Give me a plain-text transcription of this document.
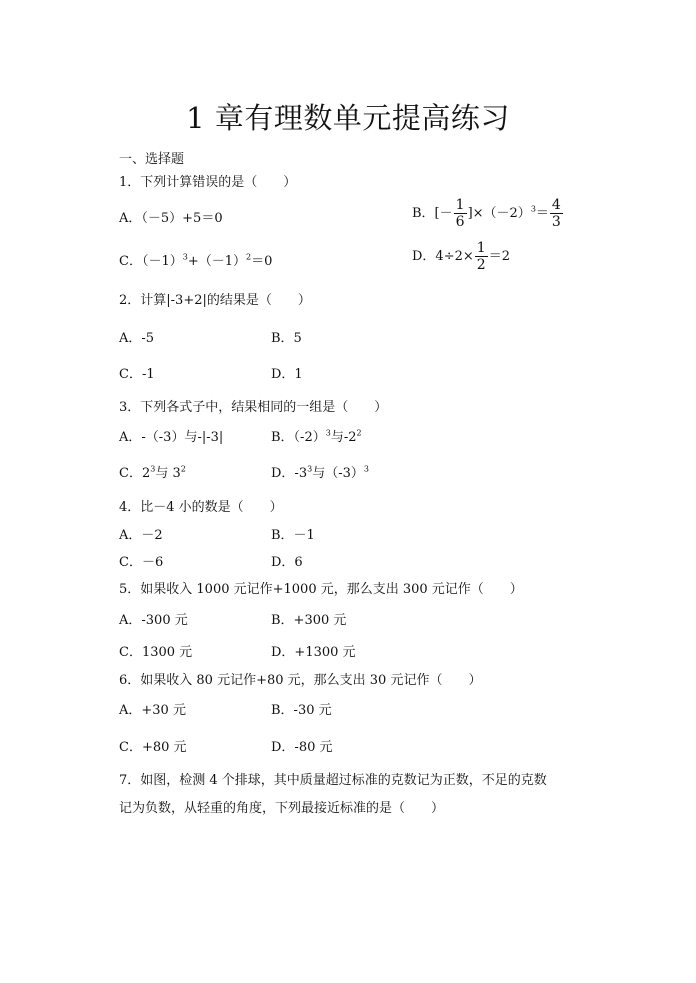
1 章有理数单元提高练习
一、选择题
1．下列计算错误的是（　　）
A．（－5）+5＝0	B．[－ $\frac{1}{6} ]\times(-2)^3= \frac{4}{3}$
C．$(-1)^3+(-1)^2=0$	D．$4\div 2\times \frac{1}{2} =2$
2．计算|-3+2|的结果是（　　）
A．-5	B．5
C．-1	D．1
3．下列各式子中，结果相同的一组是（　　）
A．-（-3）与-|-3|	B．$(-2)^3$与$-2^2$
C．$2^3$与 $3^2$	D．$-3^3$与$(-3)^3$
4．比－4 小的数是（　　）
A．－2	B．－1
C．－6	D．6
5．如果收入 1000 元记作+1000 元，那么支出 300 元记作（　　）
A．-300 元	B．+300 元
C．1300 元	D．+1300 元
6．如果收入 80 元记作+80 元，那么支出 30 元记作（　　）
A．+30 元	B．-30 元
C．+80 元	D．-80 元
7．如图，检测 4 个排球，其中质量超过标准的克数记为正数，不足的克数
记为负数，从轻重的角度，下列最接近标准的是（　　）
